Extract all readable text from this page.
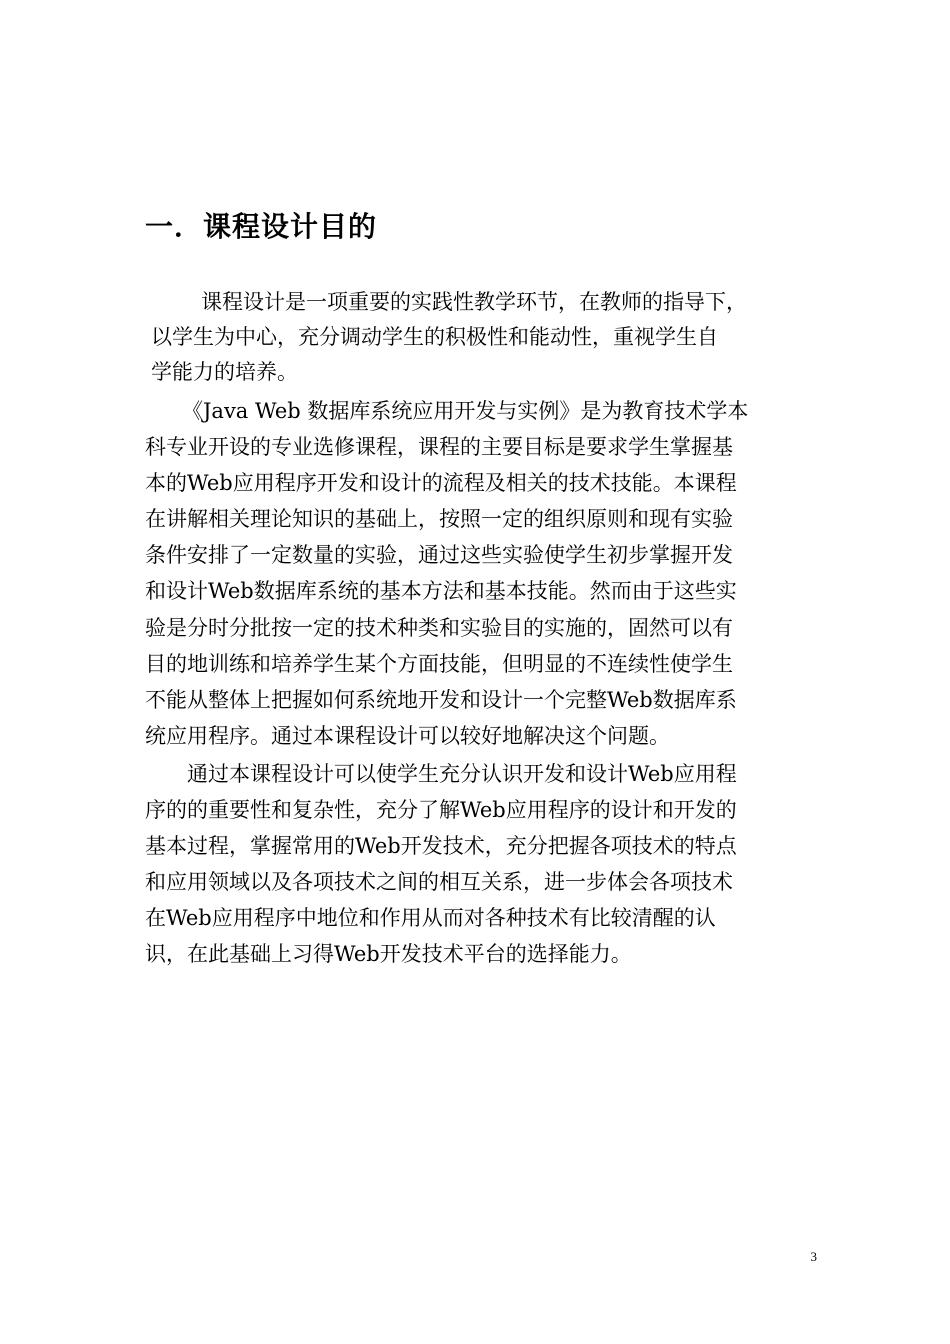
一．课程设计目的

课程设计是一项重要的实践性教学环节，在教师的指导下，

以学生为中心，充分调动学生的积极性和能动性，重视学生自

学能力的培养。

《Java Web 数据库系统应用开发与实例》是为教育技术学本

科专业开设的专业选修课程，课程的主要目标是要求学生掌握基

本的Web应用程序开发和设计的流程及相关的技术技能。本课程

在讲解相关理论知识的基础上，按照一定的组织原则和现有实验

条件安排了一定数量的实验，通过这些实验使学生初步掌握开发

和设计Web数据库系统的基本方法和基本技能。然而由于这些实

验是分时分批按一定的技术种类和实验目的实施的，固然可以有

目的地训练和培养学生某个方面技能，但明显的不连续性使学生

不能从整体上把握如何系统地开发和设计一个完整Web数据库系

统应用程序。通过本课程设计可以较好地解决这个问题。

通过本课程设计可以使学生充分认识开发和设计Web应用程

序的的重要性和复杂性，充分了解Web应用程序的设计和开发的

基本过程，掌握常用的Web开发技术，充分把握各项技术的特点

和应用领域以及各项技术之间的相互关系，进一步体会各项技术

在Web应用程序中地位和作用从而对各种技术有比较清醒的认

识，在此基础上习得Web开发技术平台的选择能力。

3
